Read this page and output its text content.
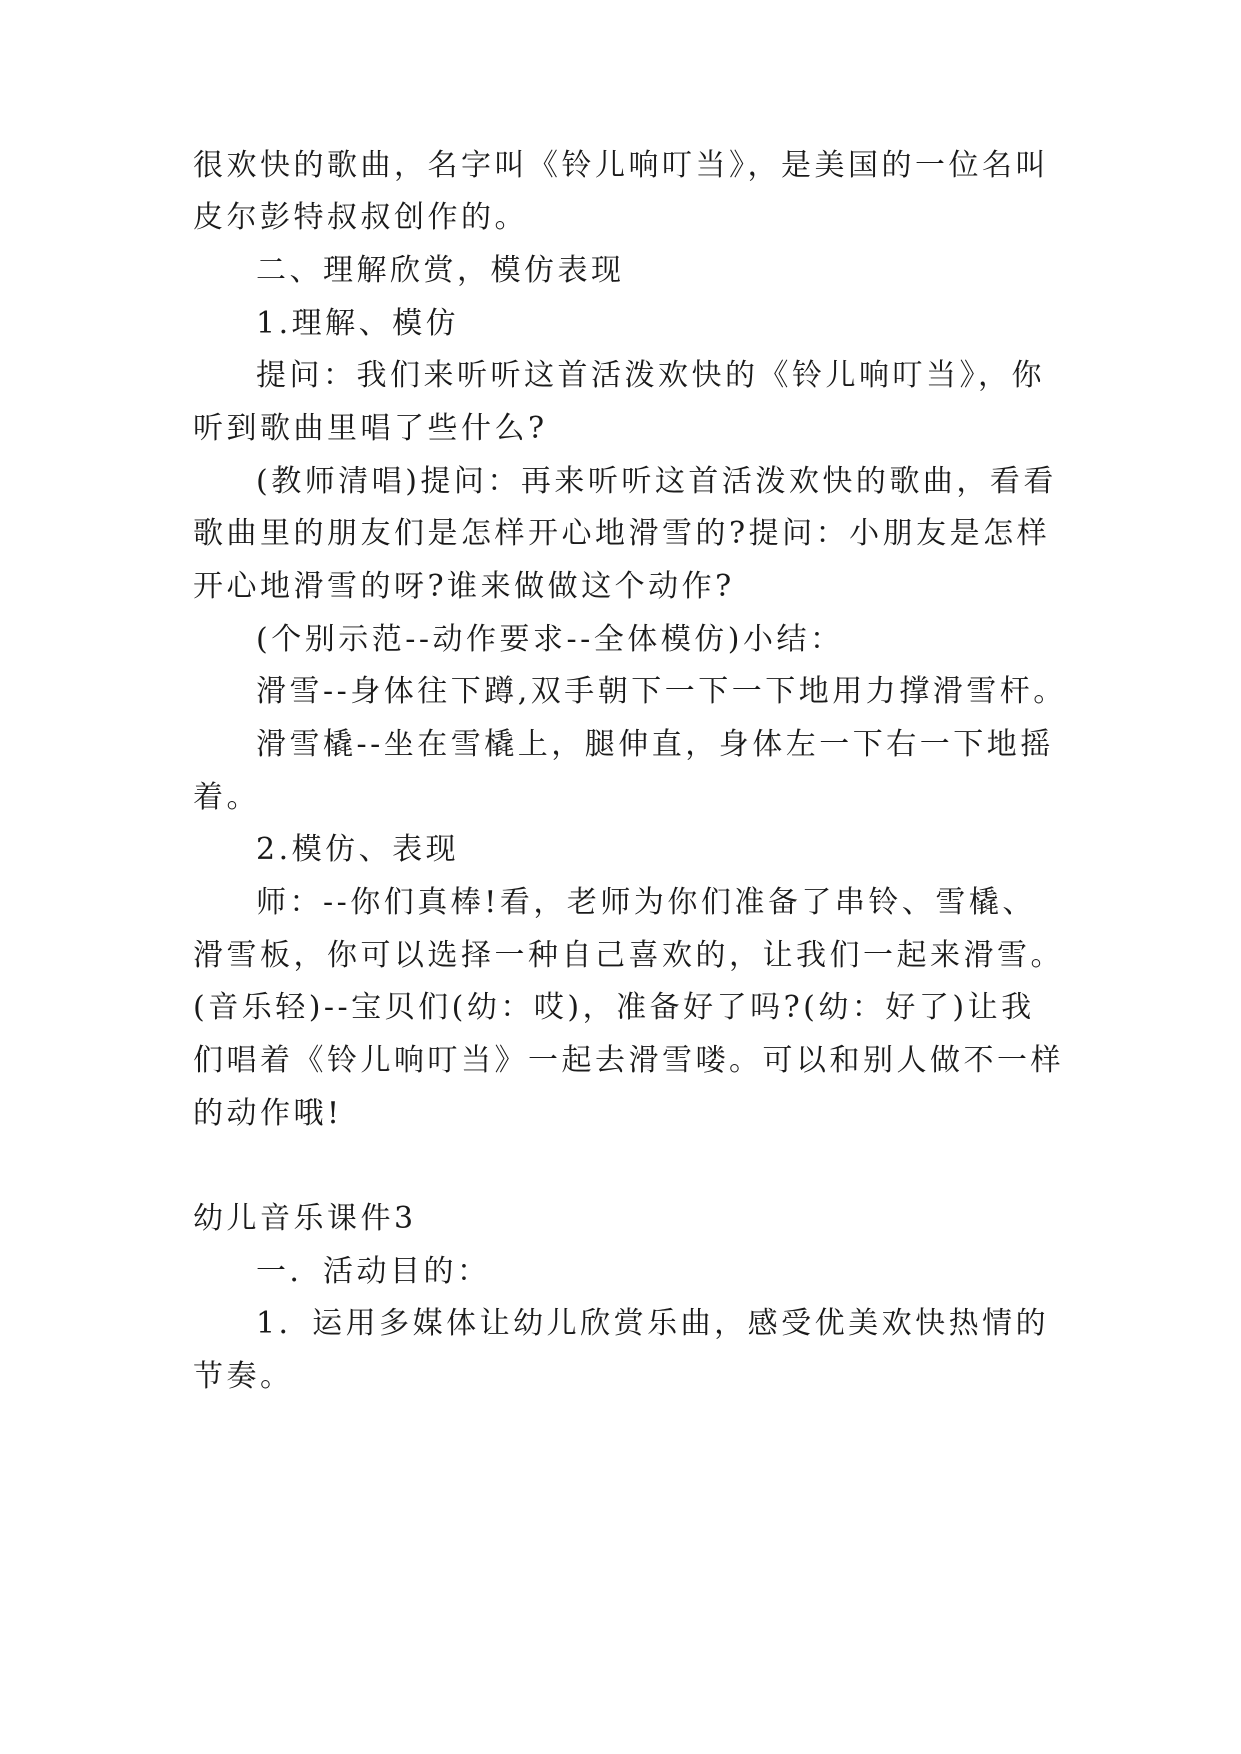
很欢快的歌曲，名字叫《铃儿响叮当》，是美国的一位名叫

皮尔彭特叔叔创作的。

二、理解欣赏，模仿表现

1.理解、模仿

提问：我们来听听这首活泼欢快的《铃儿响叮当》，你

听到歌曲里唱了些什么?

(教师清唱)提问：再来听听这首活泼欢快的歌曲，看看

歌曲里的朋友们是怎样开心地滑雪的?提问：小朋友是怎样

开心地滑雪的呀?谁来做做这个动作?

(个别示范--动作要求--全体模仿)小结：

滑雪--身体往下蹲,双手朝下一下一下地用力撑滑雪杆。

滑雪橇--坐在雪橇上，腿伸直，身体左一下右一下地摇

着。

2.模仿、表现

师：--你们真棒!看，老师为你们准备了串铃、雪橇、

滑雪板，你可以选择一种自己喜欢的，让我们一起来滑雪。

(音乐轻)--宝贝们(幼：哎)，准备好了吗?(幼：好了)让我

们唱着《铃儿响叮当》一起去滑雪喽。可以和别人做不一样

的动作哦!

幼儿音乐课件3

一．活动目的：

1．运用多媒体让幼儿欣赏乐曲，感受优美欢快热情的

节奏。
